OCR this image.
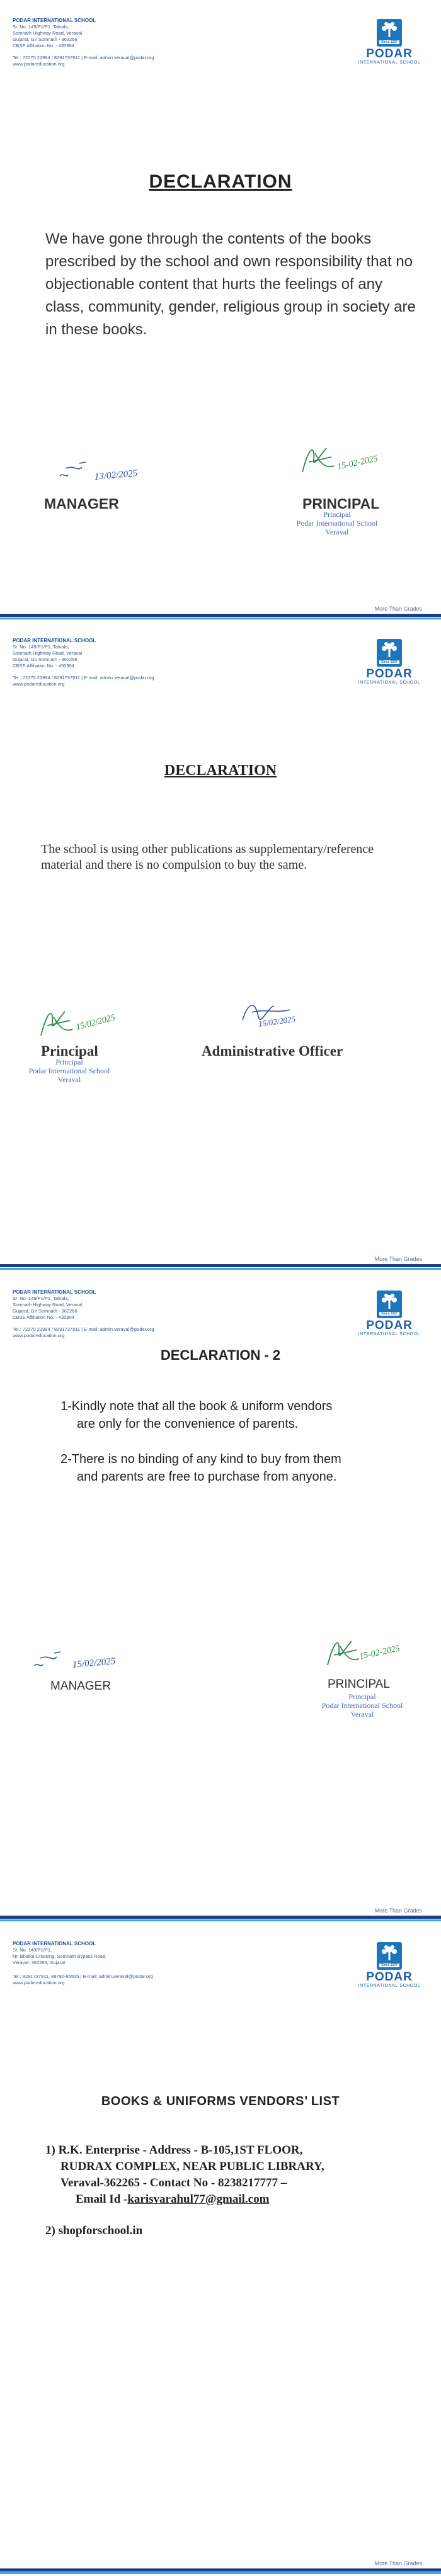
PODAR INTERNATIONAL SCHOOL
Sr. No. 149/P1/P1, Talvala,
Somnath Highway Road, Veraval
Gujarat, Gir Somnath - 362266
CBSE Affiliation No. - 430904
Tel.: 72270 22994 / 8291737911 | E-mail: admin.veraval@podar.org
www.podareducation.org
Since 1927
PODAR
INTERNATIONAL SCHOOL
DECLARATION
We have gone through the contents of the books prescribed by the school and own responsibility that no objectionable content that hurts the feelings of any class, community, gender, religious group in society are in these books.
13/02/2025
MANAGER
15-02-2025
PRINCIPAL
Principal
Podar International School
Veraval
More Than Grades
PODAR INTERNATIONAL SCHOOL
Sr. No. 149/P1/P1, Talvala,
Somnath Highway Road, Veraval
Gujarat, Gir Somnath - 362266
CBSE Affiliation No. - 430904
Tel.: 72270 22994 / 8291737911 | E-mail: admin.veraval@podar.org
www.podareducation.org
Since 1927
PODAR
INTERNATIONAL SCHOOL
DECLARATION
The school is using other publications as supplementary/reference material and there is no compulsion to buy the same.
15/02/2025
Principal
Principal
Podar International School
Veraval
15/02/2025
Administrative Officer
More Than Grades
PODAR INTERNATIONAL SCHOOL
Sr. No. 149/P1/P1, Talvala,
Somnath Highway Road, Veraval
Gujarat, Gir Somnath - 362266
CBSE Affiliation No. - 430904
Tel.: 72270 22994 / 8291737911 | E-mail: admin.veraval@podar.org
www.podareducation.org
Since 1927
PODAR
INTERNATIONAL SCHOOL
DECLARATION - 2
1-Kindly note that all the book & uniform vendors
are only for the convenience of parents.
2-There is no binding of any kind to buy from them
and parents are free to purchase from anyone.
15/02/2025
MANAGER
15-02-2025
PRINCIPAL
Principal
Podar International School
Veraval
More Than Grades
PODAR INTERNATIONAL SCHOOL
Sr. No. 149/P1/P1,
Nr. Bhalka Crossing, Somnath Bypass Road,
Veraval- 362268, Gujarat
Tel.: 8291737911, 89790-65555 | E-mail: admin.veraval@podar.org
www.podareducation.org
Since 1927
PODAR
INTERNATIONAL SCHOOL
BOOKS & UNIFORMS VENDORS’ LIST
1) R.K. Enterprise - Address - B-105,1ST FLOOR,
RUDRAX COMPLEX, NEAR PUBLIC LIBRARY,
Veraval-362265 - Contact No - 8238217777 –
Email Id -karisvarahul77@gmail.com
2) shopforschool.in
More Than Grades
